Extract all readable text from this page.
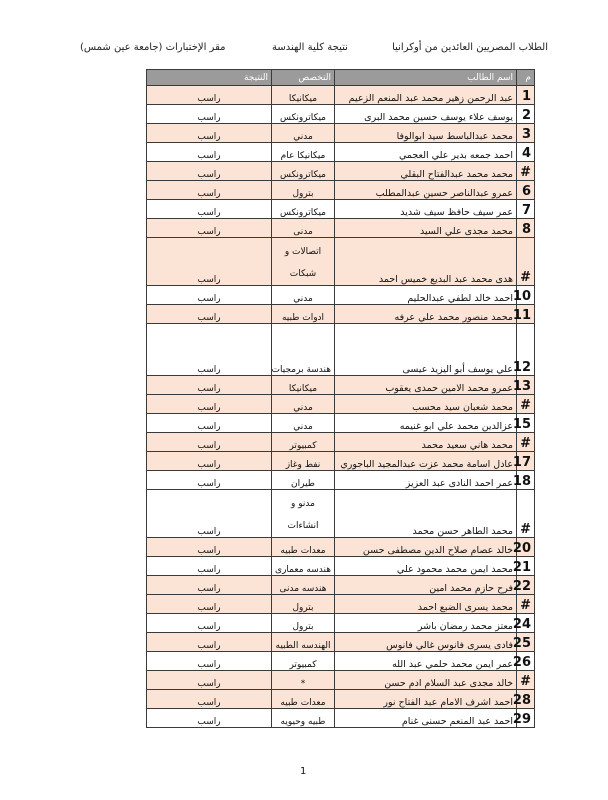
الطلاب المصريين العائدين من أوكرانيا
نتيجة كلية الهندسة
مقر الإختبارات (جامعة عين شمس)
م	اسم الطالب	التخصص	النتيجة
1	عبد الرحمن زهير محمد عبد المنعم الزعيم	ميكانيكا	راسب
2	يوسف علاء يوسف حسين محمد البرى	ميكاترونكس	راسب
3	محمد عبدالباسط سيد ابوالوفا	مدني	راسب
4	احمد جمعه بدير علي العجمي	ميكانيكا عام	راسب
#	محمد محمد عبدالفتاح البقلي	ميكاترونكس	راسب
6	عمرو عبدالناصر حسين عبدالمطلب	بترول	راسب
7	عمر سيف حافظ سيف شديد	ميكاترونكس	راسب
8	محمد مجدى علي السيد	مدنى	راسب
#	هدى محمد عبد البديع خميس احمد	اتصالات و شبكات	راسب
10	احمد خالد لطفي عبدالحليم	مدني	راسب
11	محمد منصور محمد علي عرفه	ادوات طبيه	راسب
12	علي يوسف أبو اليزيد عيسى	هندسة برمجيات	راسب
13	عمرو محمد الامين حمدى يعقوب	ميكانيكا	راسب
#	محمد شعبان سيد محسب	مدني	راسب
15	عزالدين محمد علي ابو غنيمه	مدني	راسب
#	محمد هاني سعيد محمد	كمبيوتر	راسب
17	عادل اسامة محمد عزت عبدالمجيد الباجوري	نفط وغاز	راسب
18	عمر احمد النادى عبد العزيز	طيران	راسب
#	محمد الطاهر حسن محمد	مدنو و انشاءات	راسب
20	خالد عصام صلاح الدين مصطفى حسن	معدات طبيه	راسب
21	محمد ايمن محمد محمود علي	هندسه معمارى	راسب
22	فرح حازم محمد امين	هندسه مدنى	راسب
#	محمد يسرى الضبع احمد	بترول	راسب
24	معتز محمد رمضان باشر	بترول	راسب
25	فادى يسرى فانوس غالي فانوس	الهندسه الطبيه	راسب
26	عمر ايمن محمد حلمي عبد الله	كمبيوتر	راسب
#	خالد مجدى عبد السلام ادم حسن	*	راسب
28	احمد اشرف الامام عبد الفتاح نور	معدات طبيه	راسب
29	احمد عبد المنعم حسنى غنام	طبيه وحيويه	راسب
1
